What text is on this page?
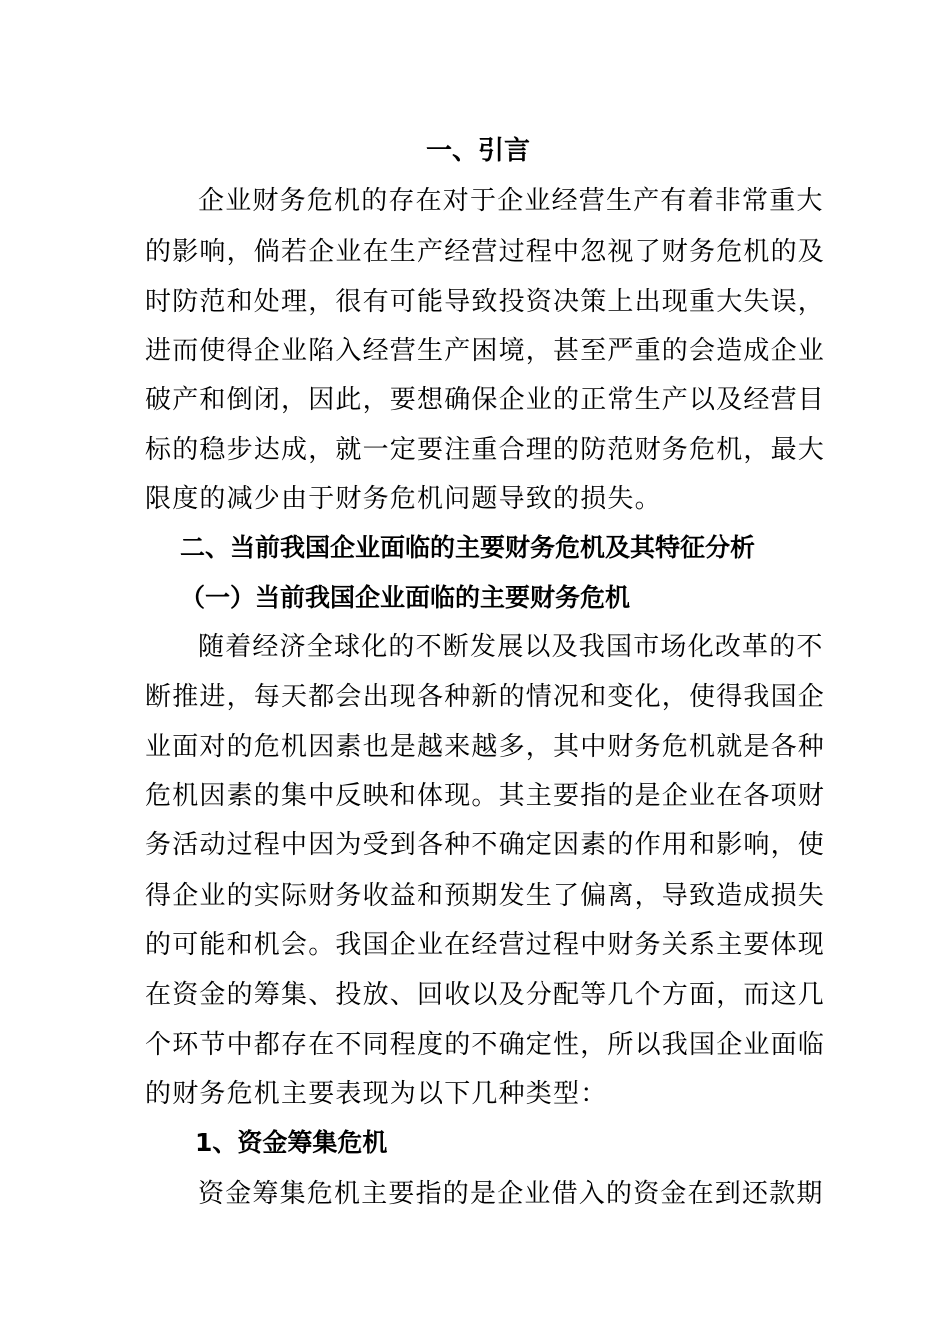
一、引言
企业财务危机的存在对于企业经营生产有着非常重大
的影响，倘若企业在生产经营过程中忽视了财务危机的及
时防范和处理，很有可能导致投资决策上出现重大失误，
进而使得企业陷入经营生产困境，甚至严重的会造成企业
破产和倒闭，因此，要想确保企业的正常生产以及经营目
标的稳步达成，就一定要注重合理的防范财务危机，最大
限度的减少由于财务危机问题导致的损失。
二、当前我国企业面临的主要财务危机及其特征分析
（一）当前我国企业面临的主要财务危机
随着经济全球化的不断发展以及我国市场化改革的不
断推进，每天都会出现各种新的情况和变化，使得我国企
业面对的危机因素也是越来越多，其中财务危机就是各种
危机因素的集中反映和体现。其主要指的是企业在各项财
务活动过程中因为受到各种不确定因素的作用和影响，使
得企业的实际财务收益和预期发生了偏离，导致造成损失
的可能和机会。我国企业在经营过程中财务关系主要体现
在资金的筹集、投放、回收以及分配等几个方面，而这几
个环节中都存在不同程度的不确定性，所以我国企业面临
的财务危机主要表现为以下几种类型：
1、资金筹集危机
资金筹集危机主要指的是企业借入的资金在到还款期
